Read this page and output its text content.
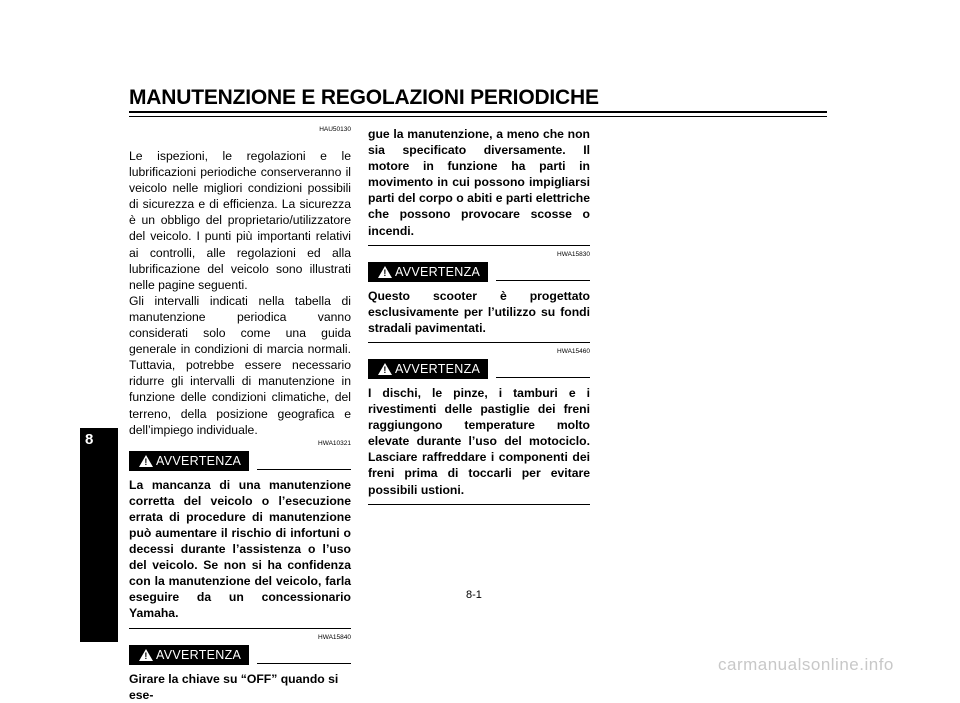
MANUTENZIONE E REGOLAZIONI PERIODICHE
8
HAU50130

Le ispezioni, le regolazioni e le lubrificazioni periodiche conserveranno il veicolo nelle migliori condizioni possibili di sicurezza e di efficienza. La sicurezza è un obbligo del proprietario/utilizzatore del veicolo. I punti più importanti relativi ai controlli, alle regolazioni ed alla lubrificazione del veicolo sono illustrati nelle pagine seguenti.

Gli intervalli indicati nella tabella di manutenzione periodica vanno considerati solo come una guida generale in condizioni di marcia normali. Tuttavia, potrebbe essere necessario ridurre gli intervalli di manutenzione in funzione delle condizioni climatiche, del terreno, della posizione geografica e dell’impiego individuale.

HWA10321
! AVVERTENZA

La mancanza di una manutenzione corretta del veicolo o l’esecuzione errata di procedure di manutenzione può aumentare il rischio di infortuni o decessi durante l’assistenza o l’uso del veicolo. Se non si ha confidenza con la manutenzione del veicolo, farla eseguire da un concessionario Yamaha.

HWA15840
! AVVERTENZA

Girare la chiave su “OFF” quando si ese-

gue la manutenzione, a meno che non sia specificato diversamente. Il motore in funzione ha parti in movimento in cui possono impigliarsi parti del corpo o abiti e parti elettriche che possono provocare scosse o incendi.

HWA15830
! AVVERTENZA

Questo scooter è progettato esclusivamente per l’utilizzo su fondi stradali pavimentati.

HWA15460
! AVVERTENZA

I dischi, le pinze, i tamburi e i rivestimenti delle pastiglie dei freni raggiungono temperature molto elevate durante l’uso del motociclo. Lasciare raffreddare i componenti dei freni prima di toccarli per evitare possibili ustioni.

8-1
carmanualsonline.info
